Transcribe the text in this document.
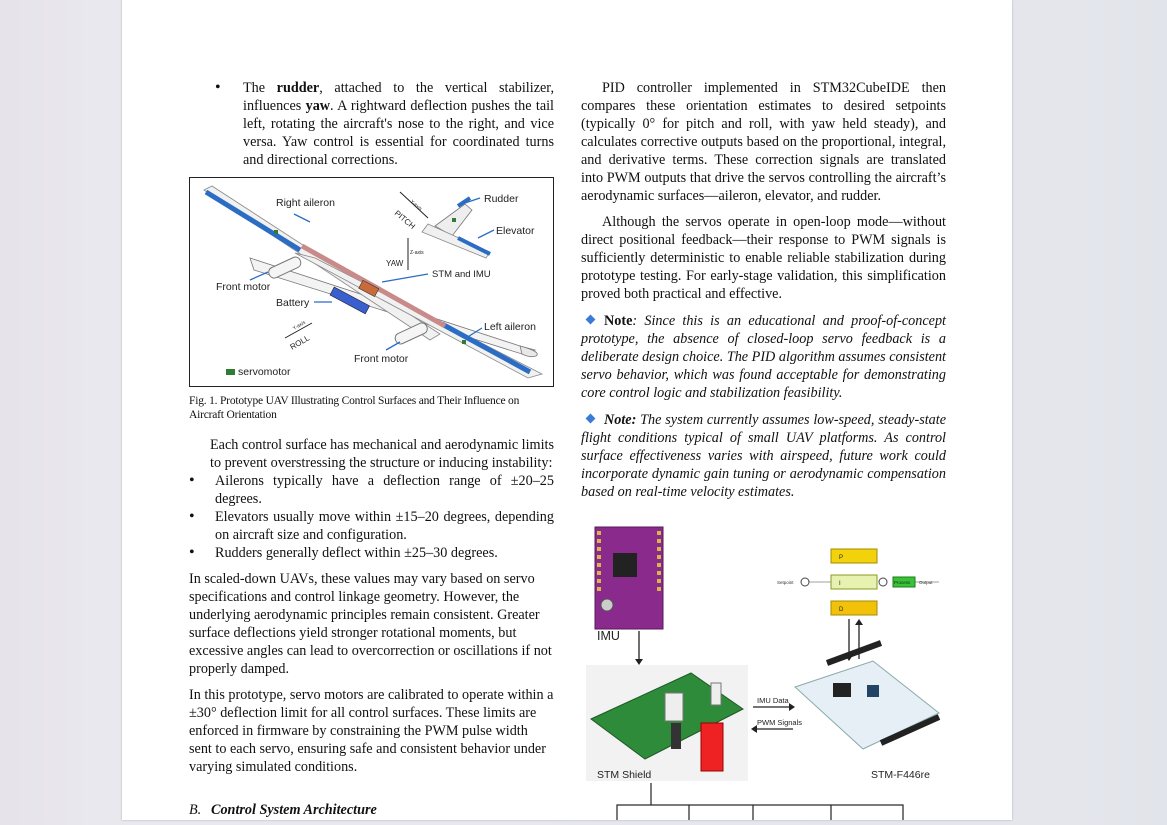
• The rudder, attached to the vertical stabilizer, influences yaw. A rightward deflection pushes the tail left, rotating the aircraft's nose to the right, and vice versa. Yaw control is essential for coordinated turns and directional corrections.
Right aileron	Rudder
Elevator
PITCH
Y-axis
Z-axis
YAW
STM and IMU
Front motor
Battery
Left aileron
Y-axis
ROLL
Front motor
servomotor
Fig. 1. Prototype UAV Illustrating Control Surfaces and Their Influence on Aircraft Orientation

Each control surface has mechanical and aerodynamic limits to prevent overstressing the structure or inducing instability:

• Ailerons typically have a deflection range of ±20–25 degrees.
• Elevators usually move within ±15–20 degrees, depending on aircraft size and configuration.
• Rudders generally deflect within ±25–30 degrees.

In scaled-down UAVs, these values may vary based on servo specifications and control linkage geometry. However, the underlying aerodynamic principles remain consistent. Greater surface deflections yield stronger rotational moments, but excessive angles can lead to overcorrection or oscillations if not properly damped.

In this prototype, servo motors are calibrated to operate within a ±30° deflection limit for all control surfaces. These limits are enforced in firmware by constraining the PWM pulse width sent to each servo, ensuring safe and consistent behavior under varying simulated conditions.

B. Control System Architecture

PID controller implemented in STM32CubeIDE then compares these orientation estimates to desired setpoints (typically 0° for pitch and roll, with yaw held steady), and calculates corrective outputs based on the proportional, integral, and derivative terms. These correction signals are translated into PWM outputs that drive the servos controlling the aircraft’s aerodynamic surfaces—aileron, elevator, and rudder.

Although the servos operate in open-loop mode—without direct positional feedback—their response to PWM signals is sufficiently deterministic to enable reliable stabilization during prototype testing. For early-stage validation, this simplification proved both practical and effective.

Note: Since this is an educational and proof-of-concept prototype, the absence of closed-loop servo feedback is a deliberate design choice. The PID algorithm assumes consistent servo behavior, which was found acceptable for demonstrating core control logic and stabilization feasibility.

Note: The system currently assumes low-speed, steady-state flight conditions typical of small UAV platforms. As control surface effectiveness varies with airspeed, future work could incorporate dynamic gain tuning or aerodynamic compensation based on real-time velocity estimates.

IMU
STM Shield
IMU Data
PWM Signals
STM-F446re
Setpoint
P
I
D
Process Output
